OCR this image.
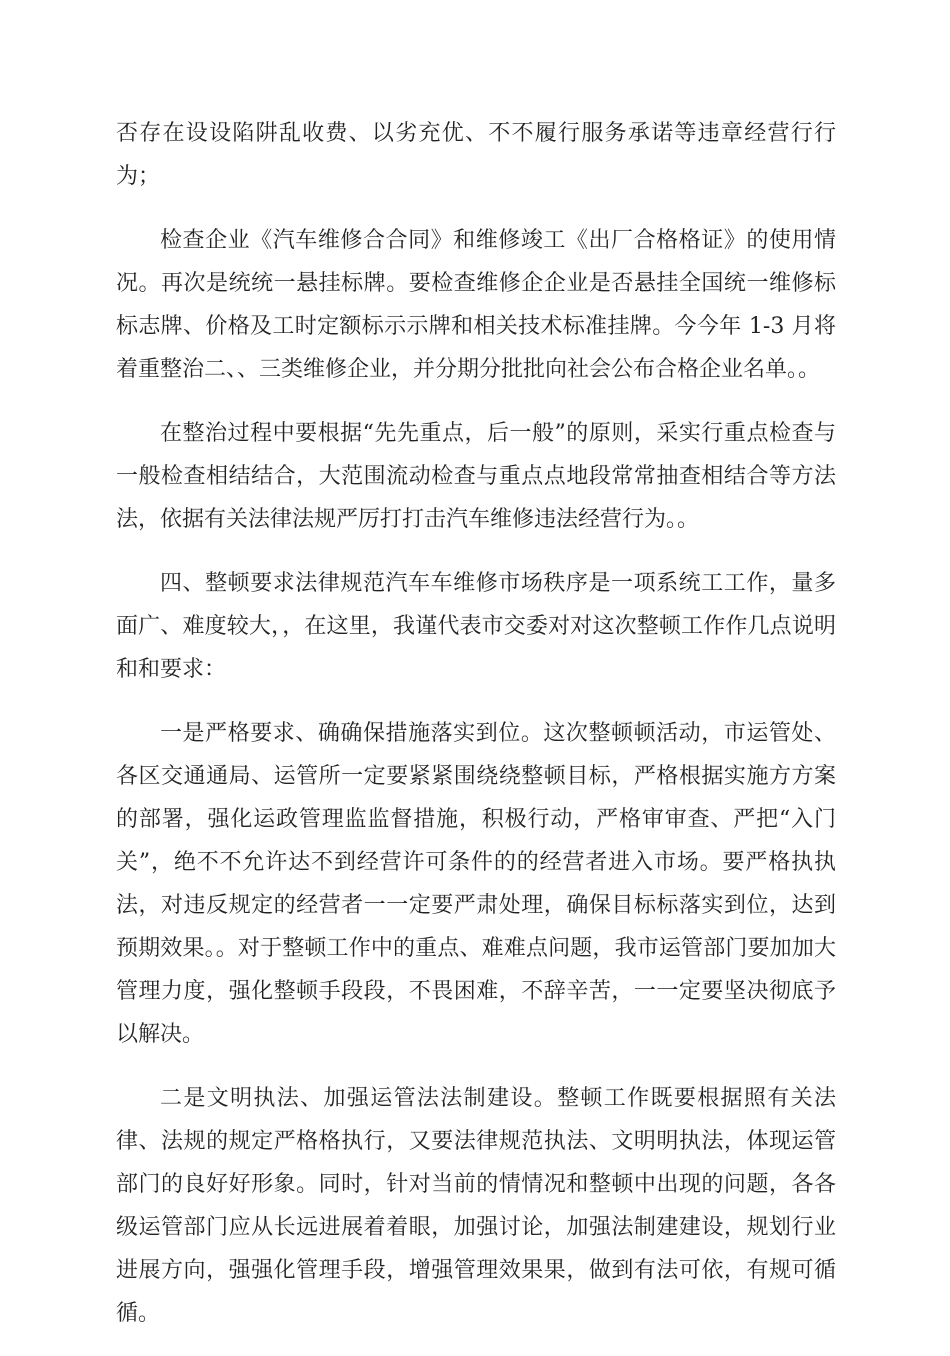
否存在设设陷阱乱收费、以劣充优、不不履行服务承诺等违章经营行行为；

检查企业《汽车维修合合同》和维修竣工《出厂合格格证》的使用情况。再次是统统一悬挂标牌。要检查维修企企业是否悬挂全国统一维修标标志牌、价格及工时定额标示示牌和相关技术标准挂牌。今今年 1-3 月将着重整治二、、三类维修企业，并分期分批批向社会公布合格企业名单。。

在整治过程中要根据“先先重点，后一般”的原则，采实行重点检查与一般检查相结结合，大范围流动检查与重点点地段常常抽查相结合等方法法，依据有关法律法规严厉打打击汽车维修违法经营行为。。

四、整顿要求法律规范汽车车维修市场秩序是一项系统工工作，量多面广、难度较大，，在这里，我谨代表市交委对对这次整顿工作作几点说明和和要求：

一是严格要求、确确保措施落实到位。这次整顿顿活动，市运管处、各区交通通局、运管所一定要紧紧围绕绕整顿目标，严格根据实施方方案的部署，强化运政管理监监督措施，积极行动，严格审审查、严把“入门关”，绝不不允许达不到经营许可条件的的经营者进入市场。要严格执执法，对违反规定的经营者一一定要严肃处理，确保目标标落实到位，达到预期效果。。对于整顿工作中的重点、难难点问题，我市运管部门要加加大管理力度，强化整顿手段段，不畏困难，不辞辛苦，一一定要坚决彻底予以解决。

二是文明执法、加强运管法法制建设。整顿工作既要根据照有关法律、法规的规定严格格执行，又要法律规范执法、文明明执法，体现运管部门的良好好形象。同时，针对当前的情情况和整顿中出现的问题，各各级运管部门应从长远进展着着眼，加强讨论，加强法制建建设，规划行业进展方向，强强化管理手段，增强管理效果果，做到有法可依，有规可循循。
